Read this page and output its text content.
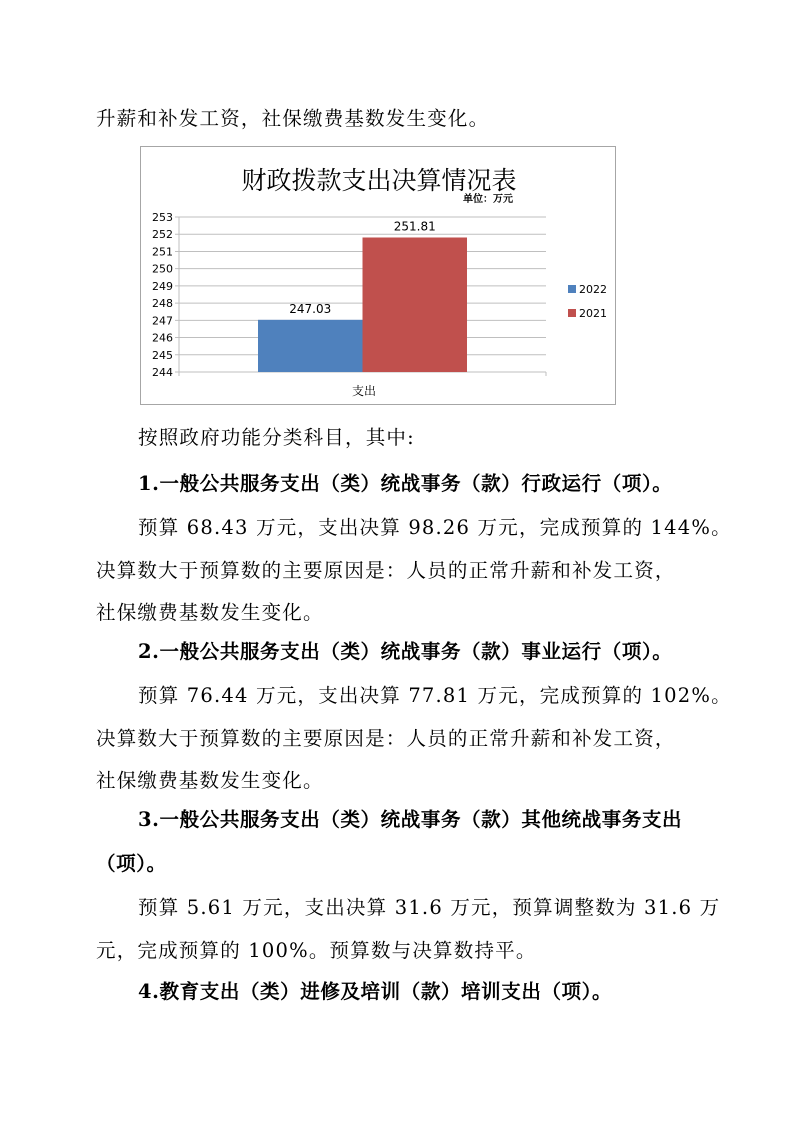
升薪和补发工资，社保缴费基数发生变化。
财政拨款支出决算情况表
单位：万元
244
245
246
247
248
249
250
251
252
253
247.03
251.81
支出
2022
2021
按照政府功能分类科目，其中:
1.一般公共服务支出（类）统战事务（款）行政运行（项）。
预算 68.43 万元，支出决算 98.26 万元，完成预算的 144%。
决算数大于预算数的主要原因是：人员的正常升薪和补发工资，
社保缴费基数发生变化。
2.一般公共服务支出（类）统战事务（款）事业运行（项）。
预算 76.44 万元，支出决算 77.81 万元，完成预算的 102%。
决算数大于预算数的主要原因是：人员的正常升薪和补发工资，
社保缴费基数发生变化。
3.一般公共服务支出（类）统战事务（款）其他统战事务支出
（项）。
预算 5.61 万元，支出决算 31.6 万元，预算调整数为 31.6 万
元，完成预算的 100%。预算数与决算数持平。
4.教育支出（类）进修及培训（款）培训支出（项）。
